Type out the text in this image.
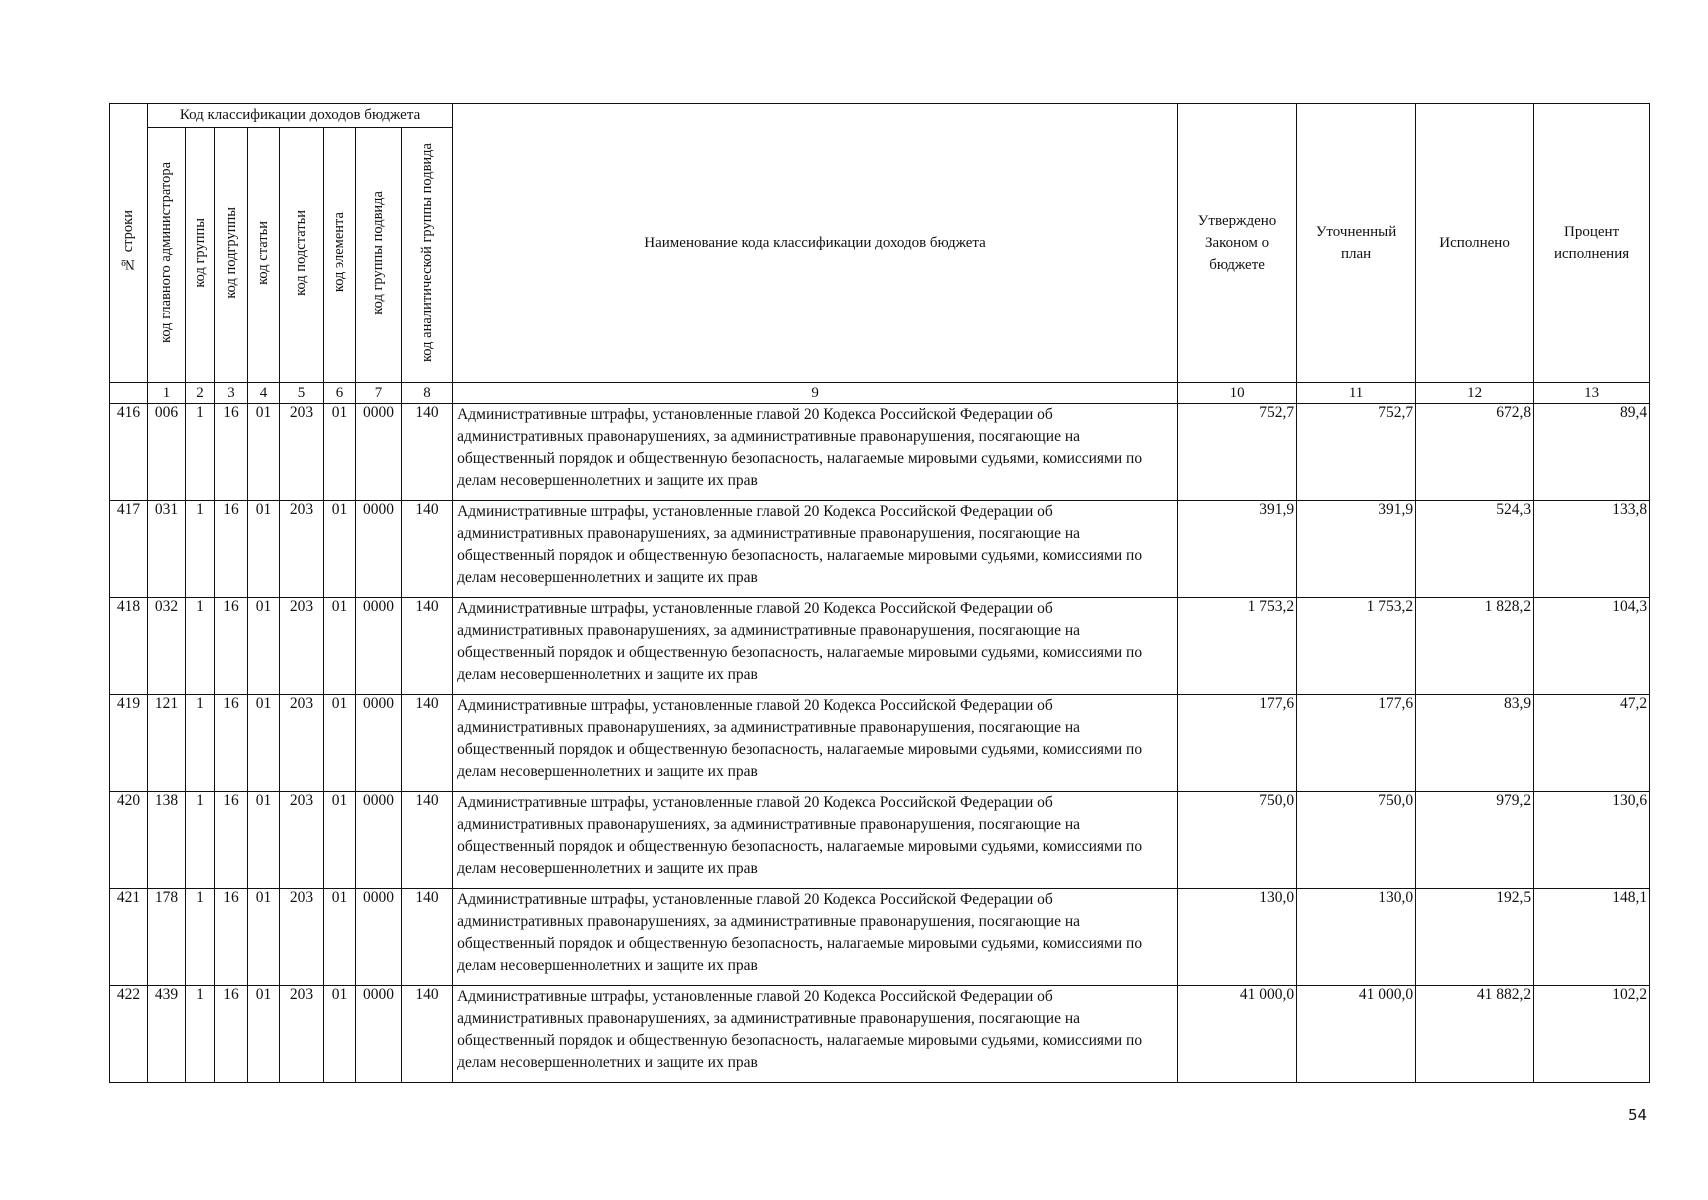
№ строки	Код классификации доходов бюджета								Наименование кода классификации доходов бюджета	Утверждено Законом о бюджете	Уточненный план	Исполнено	Процент исполнения
	код главного администратора	код группы	код подгруппы	код статьи	код подстатьи	код элемента	код группы подвида	код аналитической группы подвида					
	1	2	3	4	5	6	7	8	9	10	11	12	13
416	006	1	16	01	203	01	0000	140	Административные штрафы, установленные главой 20 Кодекса Российской Федерации об административных правонарушениях, за административные правонарушения, посягающие на общественный порядок и общественную безопасность, налагаемые мировыми судьями, комиссиями по делам несовершеннолетних и защите их прав	752,7	752,7	672,8	89,4
417	031	1	16	01	203	01	0000	140	Административные штрафы, установленные главой 20 Кодекса Российской Федерации об административных правонарушениях, за административные правонарушения, посягающие на общественный порядок и общественную безопасность, налагаемые мировыми судьями, комиссиями по делам несовершеннолетних и защите их прав	391,9	391,9	524,3	133,8
418	032	1	16	01	203	01	0000	140	Административные штрафы, установленные главой 20 Кодекса Российской Федерации об административных правонарушениях, за административные правонарушения, посягающие на общественный порядок и общественную безопасность, налагаемые мировыми судьями, комиссиями по делам несовершеннолетних и защите их прав	1 753,2	1 753,2	1 828,2	104,3
419	121	1	16	01	203	01	0000	140	Административные штрафы, установленные главой 20 Кодекса Российской Федерации об административных правонарушениях, за административные правонарушения, посягающие на общественный порядок и общественную безопасность, налагаемые мировыми судьями, комиссиями по делам несовершеннолетних и защите их прав	177,6	177,6	83,9	47,2
420	138	1	16	01	203	01	0000	140	Административные штрафы, установленные главой 20 Кодекса Российской Федерации об административных правонарушениях, за административные правонарушения, посягающие на общественный порядок и общественную безопасность, налагаемые мировыми судьями, комиссиями по делам несовершеннолетних и защите их прав	750,0	750,0	979,2	130,6
421	178	1	16	01	203	01	0000	140	Административные штрафы, установленные главой 20 Кодекса Российской Федерации об административных правонарушениях, за административные правонарушения, посягающие на общественный порядок и общественную безопасность, налагаемые мировыми судьями, комиссиями по делам несовершеннолетних и защите их прав	130,0	130,0	192,5	148,1
422	439	1	16	01	203	01	0000	140	Административные штрафы, установленные главой 20 Кодекса Российской Федерации об административных правонарушениях, за административные правонарушения, посягающие на общественный порядок и общественную безопасность, налагаемые мировыми судьями, комиссиями по делам несовершеннолетних и защите их прав	41 000,0	41 000,0	41 882,2	102,2
54
